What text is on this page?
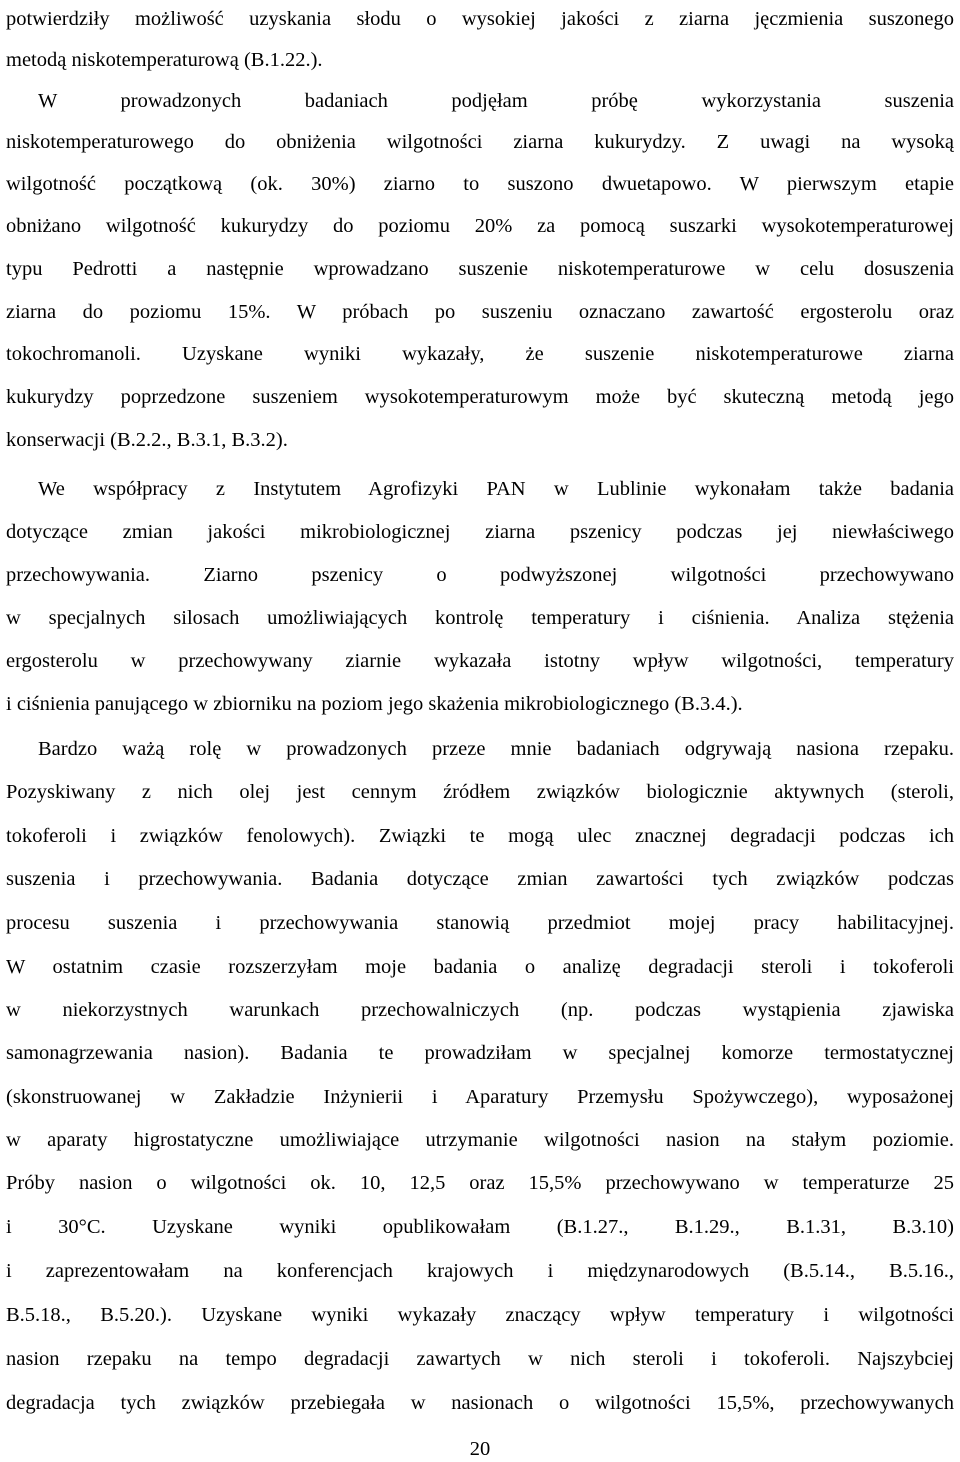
potwierdziły możliwość uzyskania słodu o wysokiej jakości z ziarna jęczmienia suszonego
metodą niskotemperaturową (B.1.22.).
W prowadzonych badaniach podjęłam próbę wykorzystania suszenia
niskotemperaturowego do obniżenia wilgotności ziarna kukurydzy. Z uwagi na wysoką
wilgotność początkową (ok. 30%) ziarno to suszono dwuetapowo. W pierwszym etapie
obniżano wilgotność kukurydzy do poziomu 20% za pomocą suszarki wysokotemperaturowej
typu Pedrotti a następnie wprowadzano suszenie niskotemperaturowe w celu dosuszenia
ziarna do poziomu 15%. W próbach po suszeniu oznaczano zawartość ergosterolu oraz
tokochromanoli. Uzyskane wyniki wykazały, że suszenie niskotemperaturowe ziarna
kukurydzy poprzedzone suszeniem wysokotemperaturowym może być skuteczną metodą jego
konserwacji (B.2.2., B.3.1, B.3.2).
We współpracy z Instytutem Agrofizyki PAN w Lublinie wykonałam także badania
dotyczące zmian jakości mikrobiologicznej ziarna pszenicy podczas jej niewłaściwego
przechowywania. Ziarno pszenicy o podwyższonej wilgotności przechowywano
w specjalnych silosach umożliwiających kontrolę temperatury i ciśnienia. Analiza stężenia
ergosterolu w przechowywany ziarnie wykazała istotny wpływ wilgotności, temperatury
i ciśnienia panującego w zbiorniku na poziom jego skażenia mikrobiologicznego (B.3.4.).
Bardzo ważą rolę w prowadzonych przeze mnie badaniach odgrywają nasiona rzepaku.
Pozyskiwany z nich olej jest cennym źródłem związków biologicznie aktywnych (steroli,
tokoferoli i związków fenolowych). Związki te mogą ulec znacznej degradacji podczas ich
suszenia i przechowywania. Badania dotyczące zmian zawartości tych związków podczas
procesu suszenia i przechowywania stanowią przedmiot mojej pracy habilitacyjnej.
W ostatnim czasie rozszerzyłam moje badania o analizę degradacji steroli i tokoferoli
w niekorzystnych warunkach przechowalniczych (np. podczas wystąpienia zjawiska
samonagrzewania nasion). Badania te prowadziłam w specjalnej komorze termostatycznej
(skonstruowanej w Zakładzie Inżynierii i Aparatury Przemysłu Spożywczego), wyposażonej
w aparaty higrostatyczne umożliwiające utrzymanie wilgotności nasion na stałym poziomie.
Próby nasion o wilgotności ok. 10, 12,5 oraz 15,5% przechowywano w temperaturze 25
i 30°C. Uzyskane wyniki opublikowałam (B.1.27., B.1.29., B.1.31, B.3.10)
i zaprezentowałam na konferencjach krajowych i międzynarodowych (B.5.14., B.5.16.,
B.5.18., B.5.20.). Uzyskane wyniki wykazały znaczący wpływ temperatury i wilgotności
nasion rzepaku na tempo degradacji zawartych w nich steroli i tokoferoli. Najszybciej
degradacja tych związków przebiegała w nasionach o wilgotności 15,5%, przechowywanych
20
